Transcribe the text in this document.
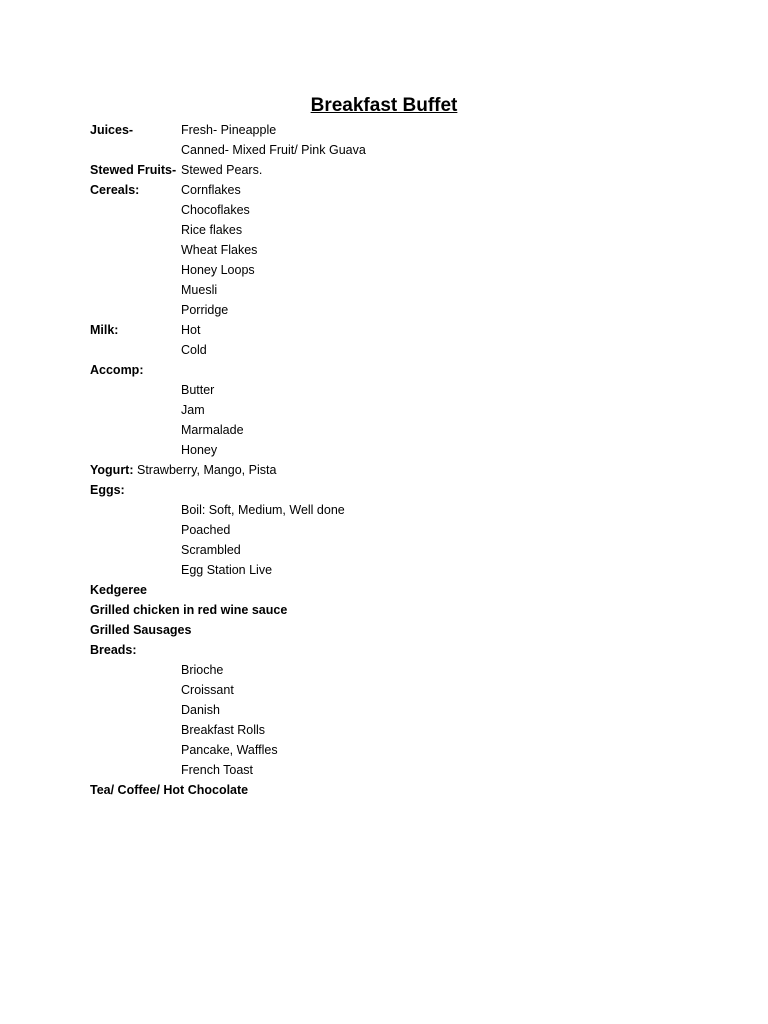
Breakfast Buffet
Juices-	Fresh- Pineapple
Canned- Mixed Fruit/ Pink Guava
Stewed Fruits- Stewed Pears.
Cereals:	Cornflakes
Chocoflakes
Rice flakes
Wheat Flakes
Honey Loops
Muesli
Porridge
Milk:	Hot
Cold
Accomp:
Butter
Jam
Marmalade
Honey
Yogurt: Strawberry, Mango, Pista
Eggs:
Boil: Soft, Medium, Well done
Poached
Scrambled
Egg Station Live
Kedgeree
Grilled chicken in red wine sauce
Grilled Sausages
Breads:
Brioche
Croissant
Danish
Breakfast Rolls
Pancake, Waffles
French Toast
Tea/ Coffee/ Hot Chocolate
